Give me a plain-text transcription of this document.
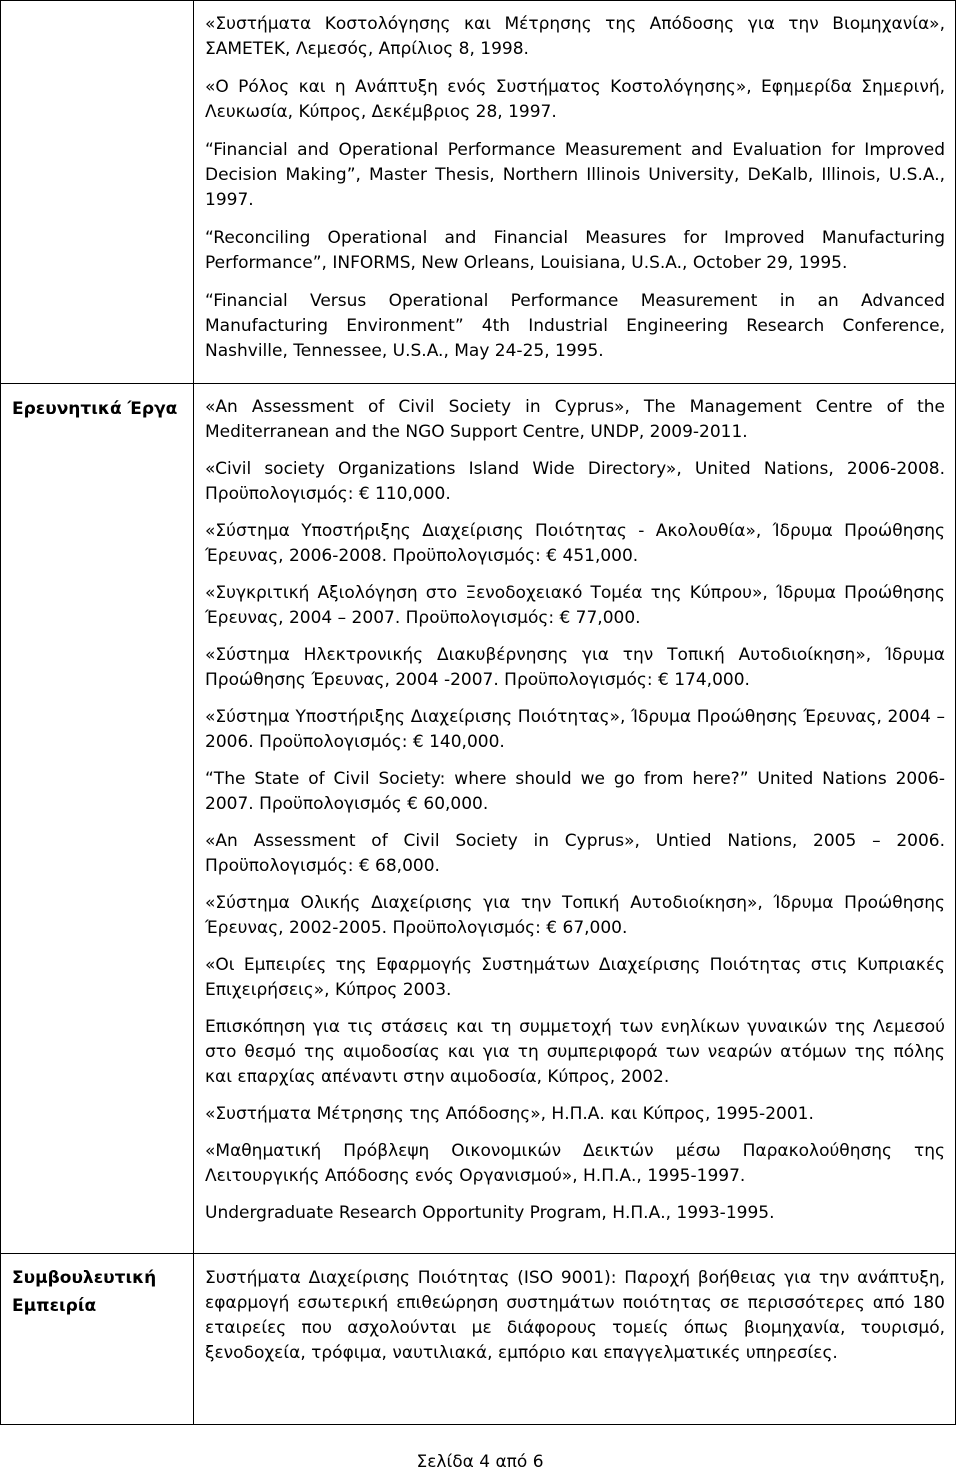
«Συστήματα Κοστολόγησης και Μέτρησης της Απόδοσης για την Βιομηχανία», ΣΑΜΕΤΕΚ, Λεμεσός, Απρίλιος 8, 1998.
«Ο Ρόλος και η Ανάπτυξη ενός Συστήματος Κοστολόγησης», Εφημερίδα Σημερινή, Λευκωσία, Κύπρος, Δεκέμβριος 28, 1997.
“Financial and Operational Performance Measurement and Evaluation for Improved Decision Making”, Master Thesis, Northern Illinois University, DeKalb, Illinois, U.S.A., 1997.
“Reconciling Operational and Financial Measures for Improved Manufacturing Performance”, INFORMS, New Orleans, Louisiana, U.S.A., October 29, 1995.
“Financial Versus Operational Performance Measurement in an Advanced Manufacturing Environment” 4th Industrial Engineering Research Conference, Nashville, Tennessee, U.S.A., May 24-25, 1995.
Ερευνητικά Έργα	«An Assessment of Civil Society in Cyprus», The Management Centre of the Mediterranean and the NGO Support Centre, UNDP, 2009-2011.
«Civil society Organizations Island Wide Directory», United Nations, 2006-2008. Προϋπολογισμός: € 110,000.
«Σύστημα Υποστήριξης Διαχείρισης Ποιότητας - Ακολουθία», Ίδρυμα Προώθησης Έρευνας, 2006-2008. Προϋπολογισμός: € 451,000.
«Συγκριτική Αξιολόγηση στο Ξενοδοχειακό Τομέα της Κύπρου», Ίδρυμα Προώθησης Έρευνας, 2004 – 2007. Προϋπολογισμός: € 77,000.
«Σύστημα Ηλεκτρονικής Διακυβέρνησης για την Τοπική Αυτοδιοίκηση», Ίδρυμα Προώθησης Έρευνας, 2004 -2007. Προϋπολογισμός: € 174,000.
«Σύστημα Υποστήριξης Διαχείρισης Ποιότητας», Ίδρυμα Προώθησης Έρευνας, 2004 – 2006. Προϋπολογισμός: € 140,000.
“The State of Civil Society: where should we go from here?” United Nations 2006-2007. Προϋπολογισμός € 60,000.
«An Assessment of Civil Society in Cyprus», Untied Nations, 2005 – 2006. Προϋπολογισμός: € 68,000.
«Σύστημα Ολικής Διαχείρισης για την Τοπική Αυτοδιοίκηση», Ίδρυμα Προώθησης Έρευνας, 2002-2005. Προϋπολογισμός: € 67,000.
«Οι Εμπειρίες της Εφαρμογής Συστημάτων Διαχείρισης Ποιότητας στις Κυπριακές Επιχειρήσεις», Κύπρος 2003.
Επισκόπηση για τις στάσεις και τη συμμετοχή των ενηλίκων γυναικών της Λεμεσού στο θεσμό της αιμοδοσίας και για τη συμπεριφορά των νεαρών ατόμων της πόλης και επαρχίας απέναντι στην αιμοδοσία, Κύπρος, 2002.
«Συστήματα Μέτρησης της Απόδοσης», Η.Π.Α. και Κύπρος, 1995-2001.
«Μαθηματική Πρόβλεψη Οικονομικών Δεικτών μέσω Παρακολούθησης της Λειτουργικής Απόδοσης ενός Οργανισμού», Η.Π.Α., 1995-1997.
Undergraduate Research Opportunity Program, Η.Π.Α., 1993-1995.
Συμβουλευτική Εμπειρία
Συστήματα Διαχείρισης Ποιότητας (ISO 9001): Παροχή βοήθειας για την ανάπτυξη, εφαρμογή εσωτερική επιθεώρηση συστημάτων ποιότητας σε περισσότερες από 180 εταιρείες που ασχολούνται με διάφορους τομείς όπως βιομηχανία, τουρισμό, ξενοδοχεία, τρόφιμα, ναυτιλιακά, εμπόριο και επαγγελματικές υπηρεσίες.
Σελίδα 4 από 6
